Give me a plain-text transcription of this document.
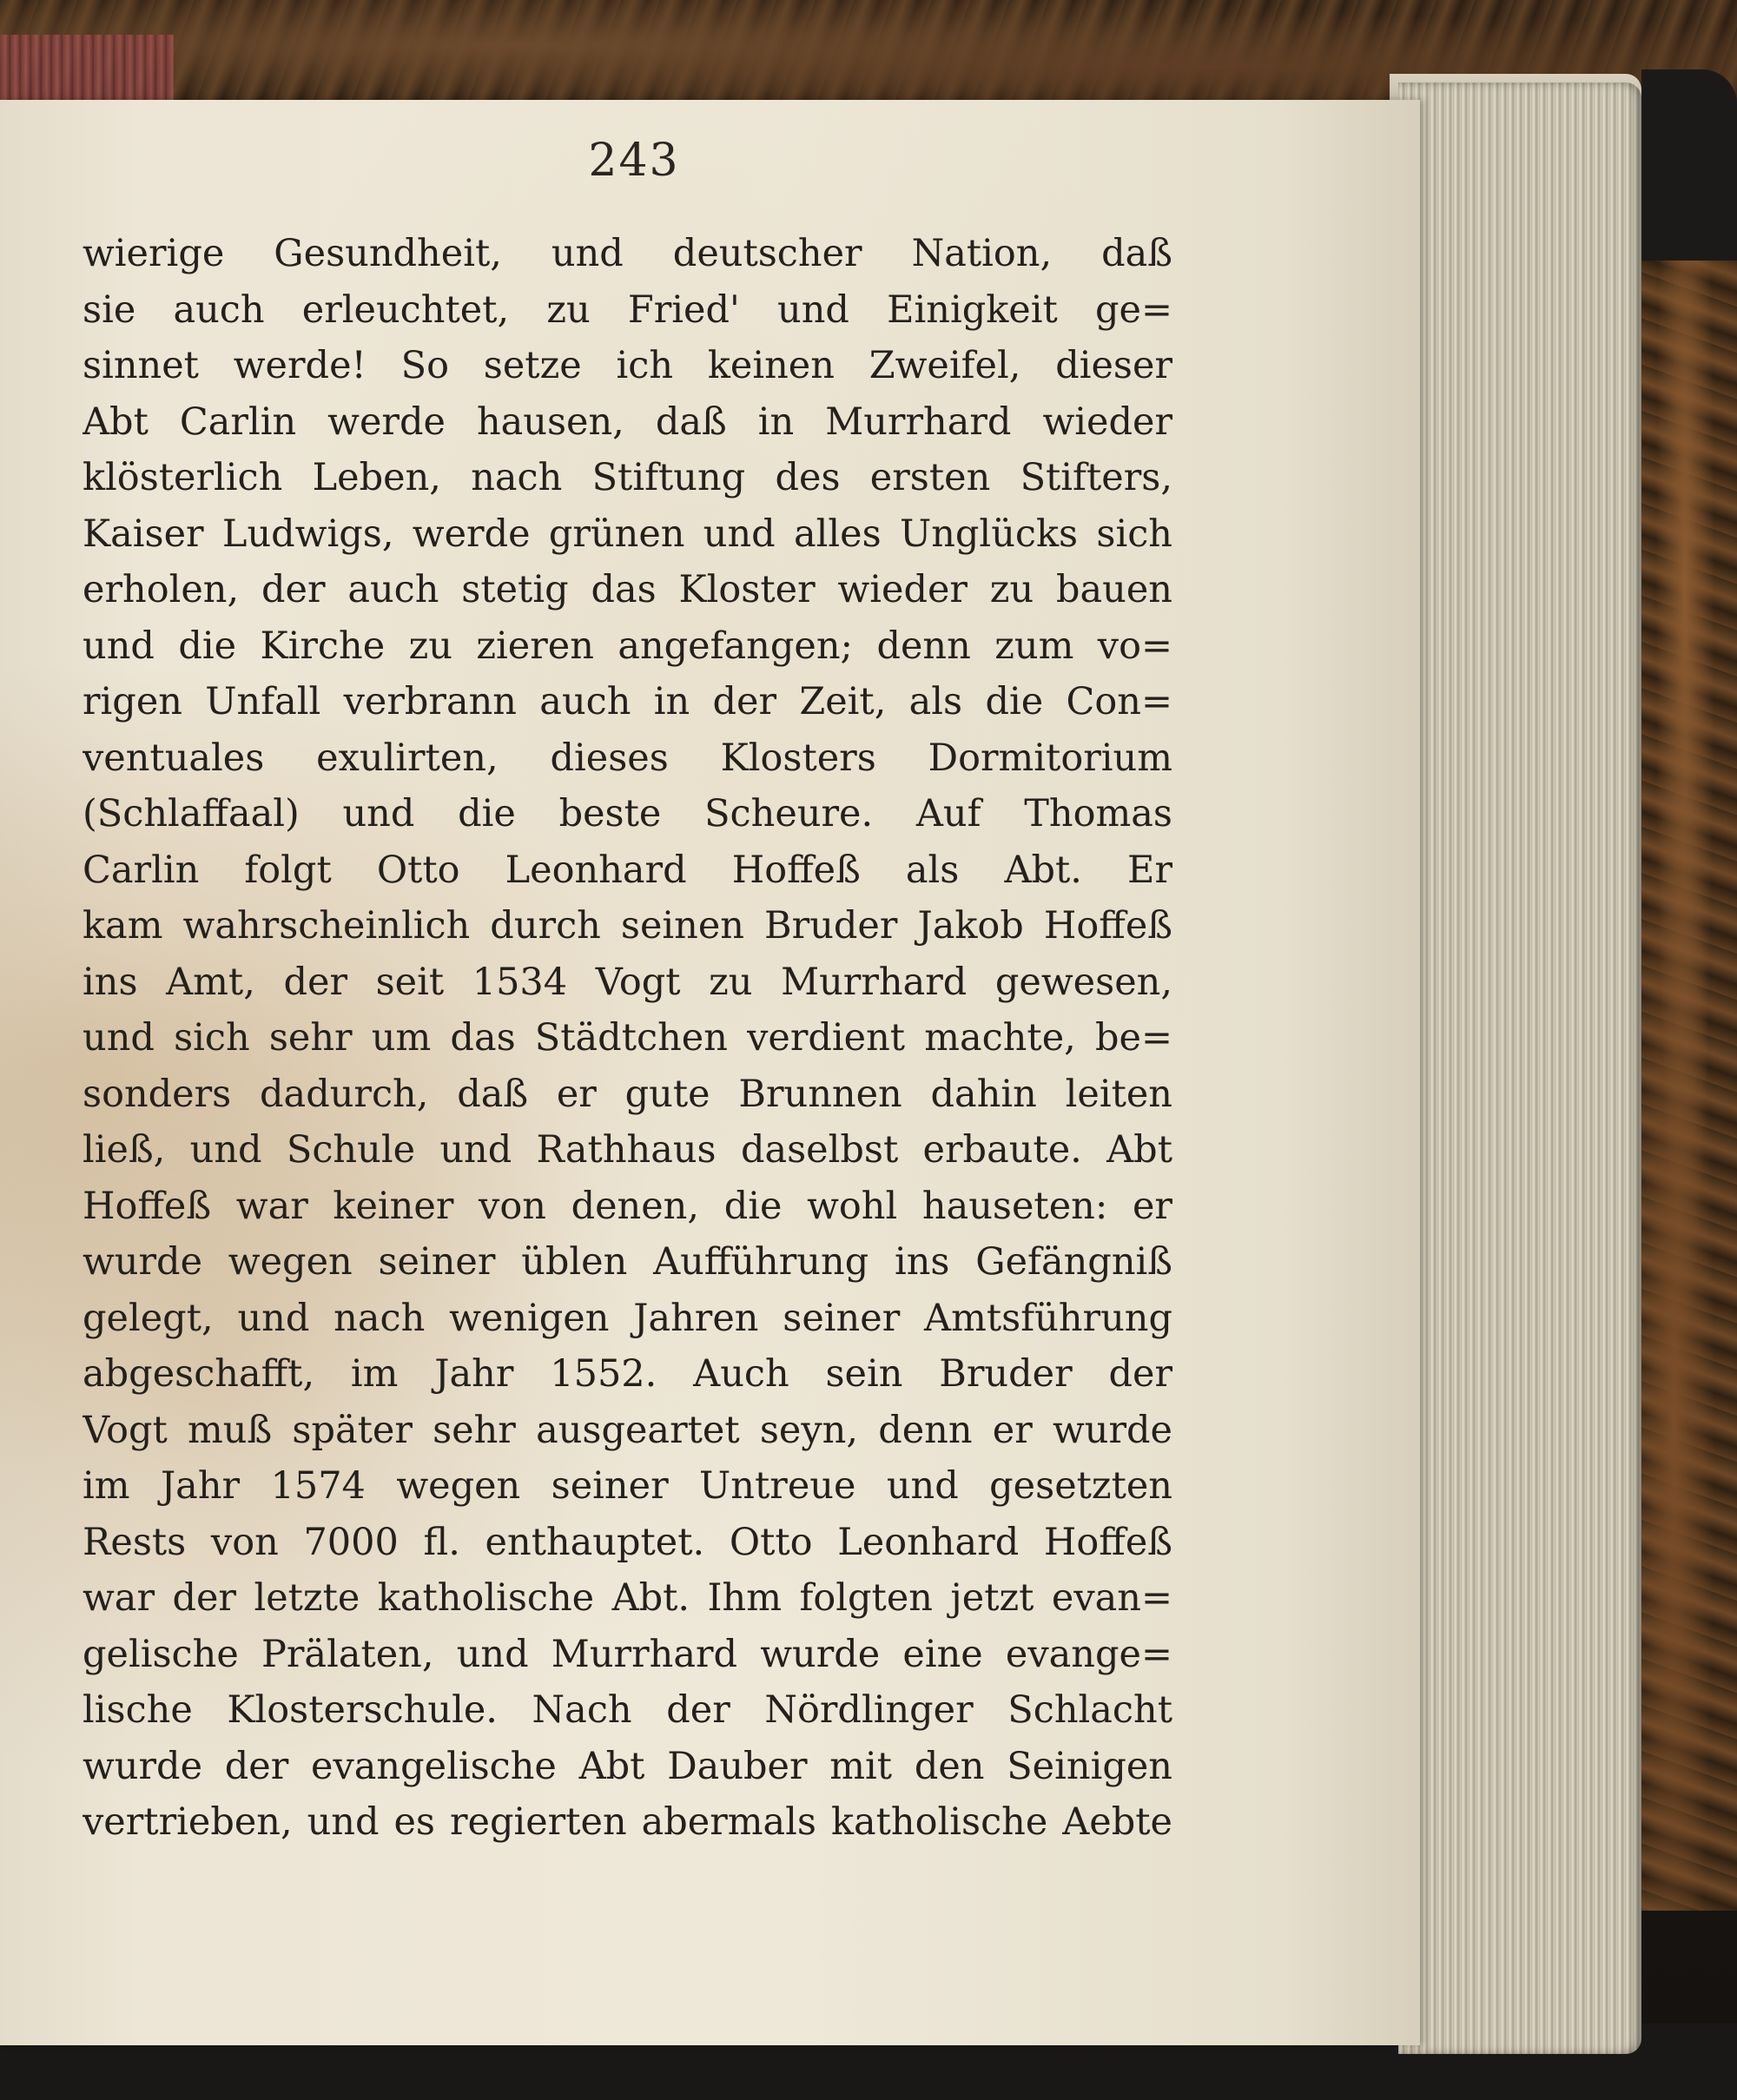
243
wierige Gesundheit, und deutscher Nation, daß
sie auch erleuchtet, zu Fried' und Einigkeit ge=
sinnet werde! So setze ich keinen Zweifel, dieser
Abt Carlin werde hausen, daß in Murrhard wieder
klösterlich Leben, nach Stiftung des ersten Stifters,
Kaiser Ludwigs, werde grünen und alles Unglücks sich
erholen, der auch stetig das Kloster wieder zu bauen
und die Kirche zu zieren angefangen; denn zum vo=
rigen Unfall verbrann auch in der Zeit, als die Con=
ventuales exulirten, dieses Klosters Dormitorium
(Schlaffaal) und die beste Scheure. Auf Thomas
Carlin folgt Otto Leonhard Hoffeß als Abt. Er
kam wahrscheinlich durch seinen Bruder Jakob Hoffeß
ins Amt, der seit 1534 Vogt zu Murrhard gewesen,
und sich sehr um das Städtchen verdient machte, be=
sonders dadurch, daß er gute Brunnen dahin leiten
ließ, und Schule und Rathhaus daselbst erbaute. Abt
Hoffeß war keiner von denen, die wohl hauseten: er
wurde wegen seiner üblen Aufführung ins Gefängniß
gelegt, und nach wenigen Jahren seiner Amtsführung
abgeschafft, im Jahr 1552. Auch sein Bruder der
Vogt muß später sehr ausgeartet seyn, denn er wurde
im Jahr 1574 wegen seiner Untreue und gesetzten
Rests von 7000 fl. enthauptet. Otto Leonhard Hoffeß
war der letzte katholische Abt. Ihm folgten jetzt evan=
gelische Prälaten, und Murrhard wurde eine evange=
lische Klosterschule. Nach der Nördlinger Schlacht
wurde der evangelische Abt Dauber mit den Seinigen
vertrieben, und es regierten abermals katholische Aebte
